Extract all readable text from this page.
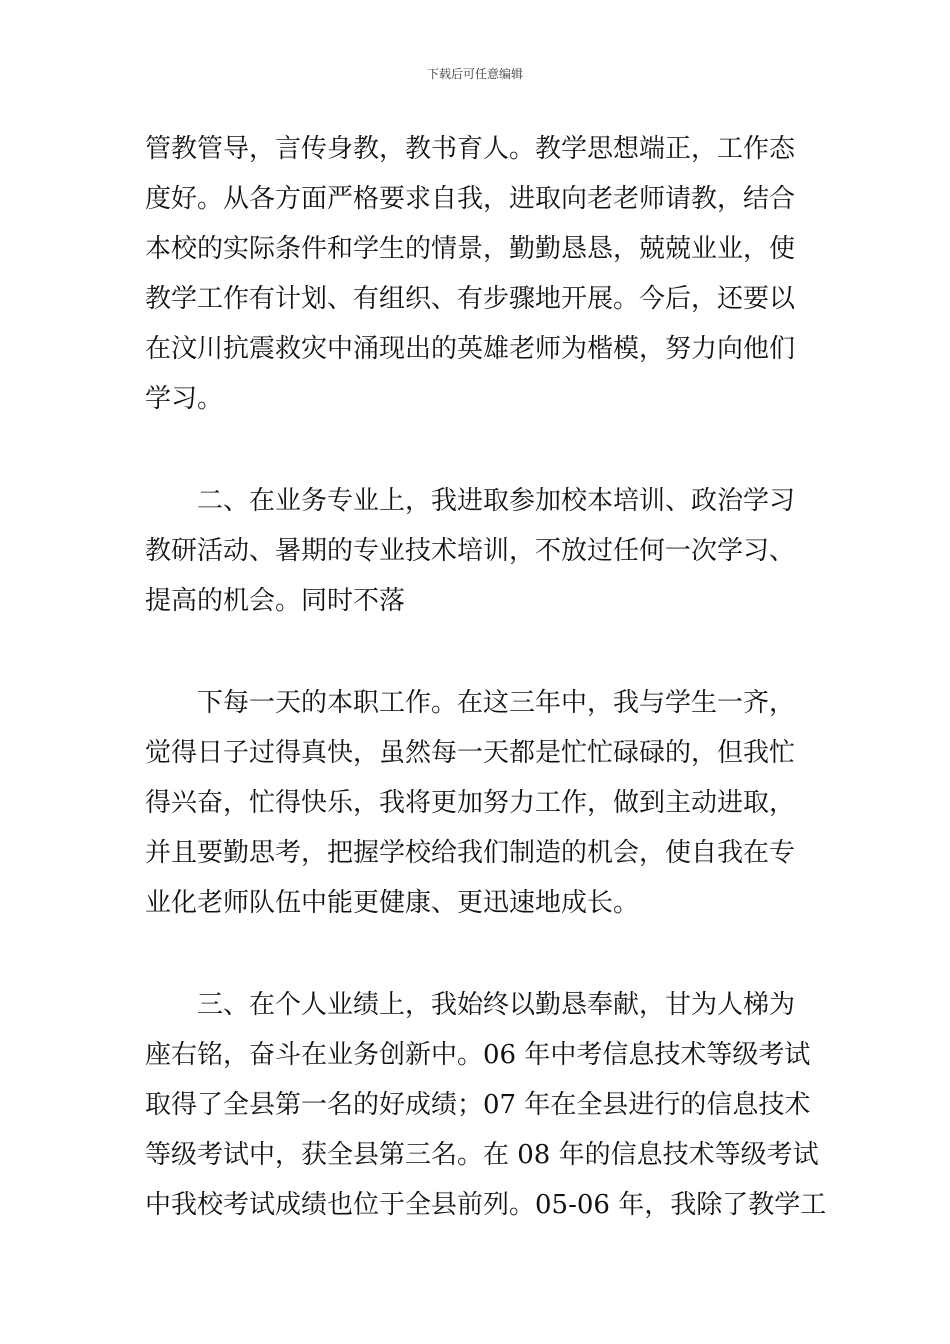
下载后可任意编辑
管教管导，言传身教，教书育人。教学思想端正，工作态
度好。从各方面严格要求自我，进取向老老师请教，结合
本校的实际条件和学生的情景，勤勤恳恳，兢兢业业，使
教学工作有计划、有组织、有步骤地开展。今后，还要以
在汶川抗震救灾中涌现出的英雄老师为楷模，努力向他们
学习。
二、在业务专业上，我进取参加校本培训、政治学习
教研活动、暑期的专业技术培训，不放过任何一次学习、
提高的机会。同时不落
下每一天的本职工作。在这三年中，我与学生一齐，
觉得日子过得真快，虽然每一天都是忙忙碌碌的，但我忙
得兴奋，忙得快乐，我将更加努力工作，做到主动进取，
并且要勤思考，把握学校给我们制造的机会，使自我在专
业化老师队伍中能更健康、更迅速地成长。
三、在个人业绩上，我始终以勤恳奉献，甘为人梯为
座右铭，奋斗在业务创新中。06 年中考信息技术等级考试
取得了全县第一名的好成绩；07 年在全县进行的信息技术
等级考试中，获全县第三名。在 08 年的信息技术等级考试
中我校考试成绩也位于全县前列。05-06 年，我除了教学工
